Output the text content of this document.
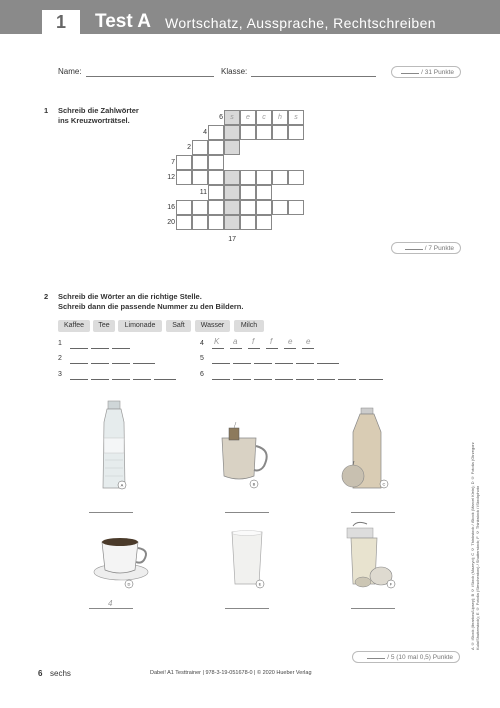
1	Test A Wortschatz, Aussprache, Rechtschreiben
Name:	Klasse:	/ 31 Punkte
1 Schreib die Zahlwörter
ins Kreuzworträtsel.	6
4
2
7
12
11
16
20
s	e	c	h	s
17
/ 7 Punkte
2 Schreib die Wörter an die richtige Stelle.
Schreib dann die passende Nummer zu den Bildern.
Kaffee	Tee	Limonade	Saft	Wasser	Milch
1
2
3
4 K a f f e e
5
6
A	B	C
D
4
E	F
/ 5 (10 mal 0,5) Punkte
A © iStock (lbrarkos/Lipsey); B © iStock (Mazeyo); C © Thinkstock / iStock (Marcel Klein); D © Fotolia (Gtrzegorz Kula/Shutterstock); E © Fotolia (Steschenkov) / Shutterstock; F © Thinkstock / iStockphoto
6 sechs	Dabei! A1 Testtrainer | 978-3-19-051678-0 | © 2020 Hueber Verlag
